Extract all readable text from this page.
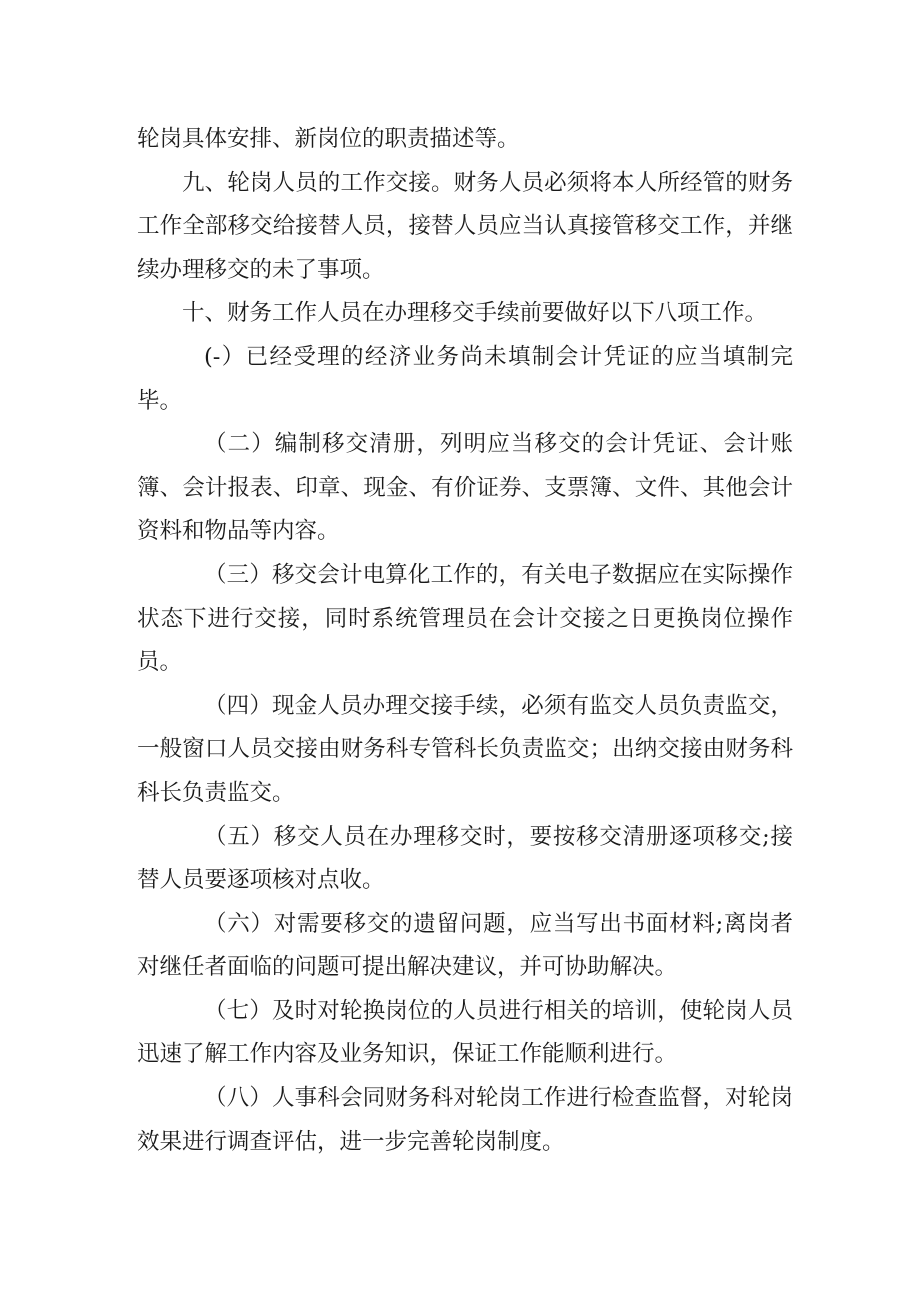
轮岗具体安排、新岗位的职责描述等。

九、轮岗人员的工作交接。财务人员必须将本人所经管的财务工作全部移交给接替人员，接替人员应当认真接管移交工作，并继续办理移交的未了事项。

十、财务工作人员在办理移交手续前要做好以下八项工作。

(-）已经受理的经济业务尚未填制会计凭证的应当填制完毕。

（二）编制移交清册，列明应当移交的会计凭证、会计账簿、会计报表、印章、现金、有价证券、支票簿、文件、其他会计资料和物品等内容。

（三）移交会计电算化工作的，有关电子数据应在实际操作状态下进行交接，同时系统管理员在会计交接之日更换岗位操作员。

（四）现金人员办理交接手续，必须有监交人员负责监交，一般窗口人员交接由财务科专管科长负责监交；出纳交接由财务科科长负责监交。

（五）移交人员在办理移交时，要按移交清册逐项移交;接替人员要逐项核对点收。

（六）对需要移交的遗留问题，应当写出书面材料;离岗者对继任者面临的问题可提出解决建议，并可协助解决。

（七）及时对轮换岗位的人员进行相关的培训，使轮岗人员迅速了解工作内容及业务知识，保证工作能顺利进行。

（八）人事科会同财务科对轮岗工作进行检查监督，对轮岗效果进行调查评估，进一步完善轮岗制度。
